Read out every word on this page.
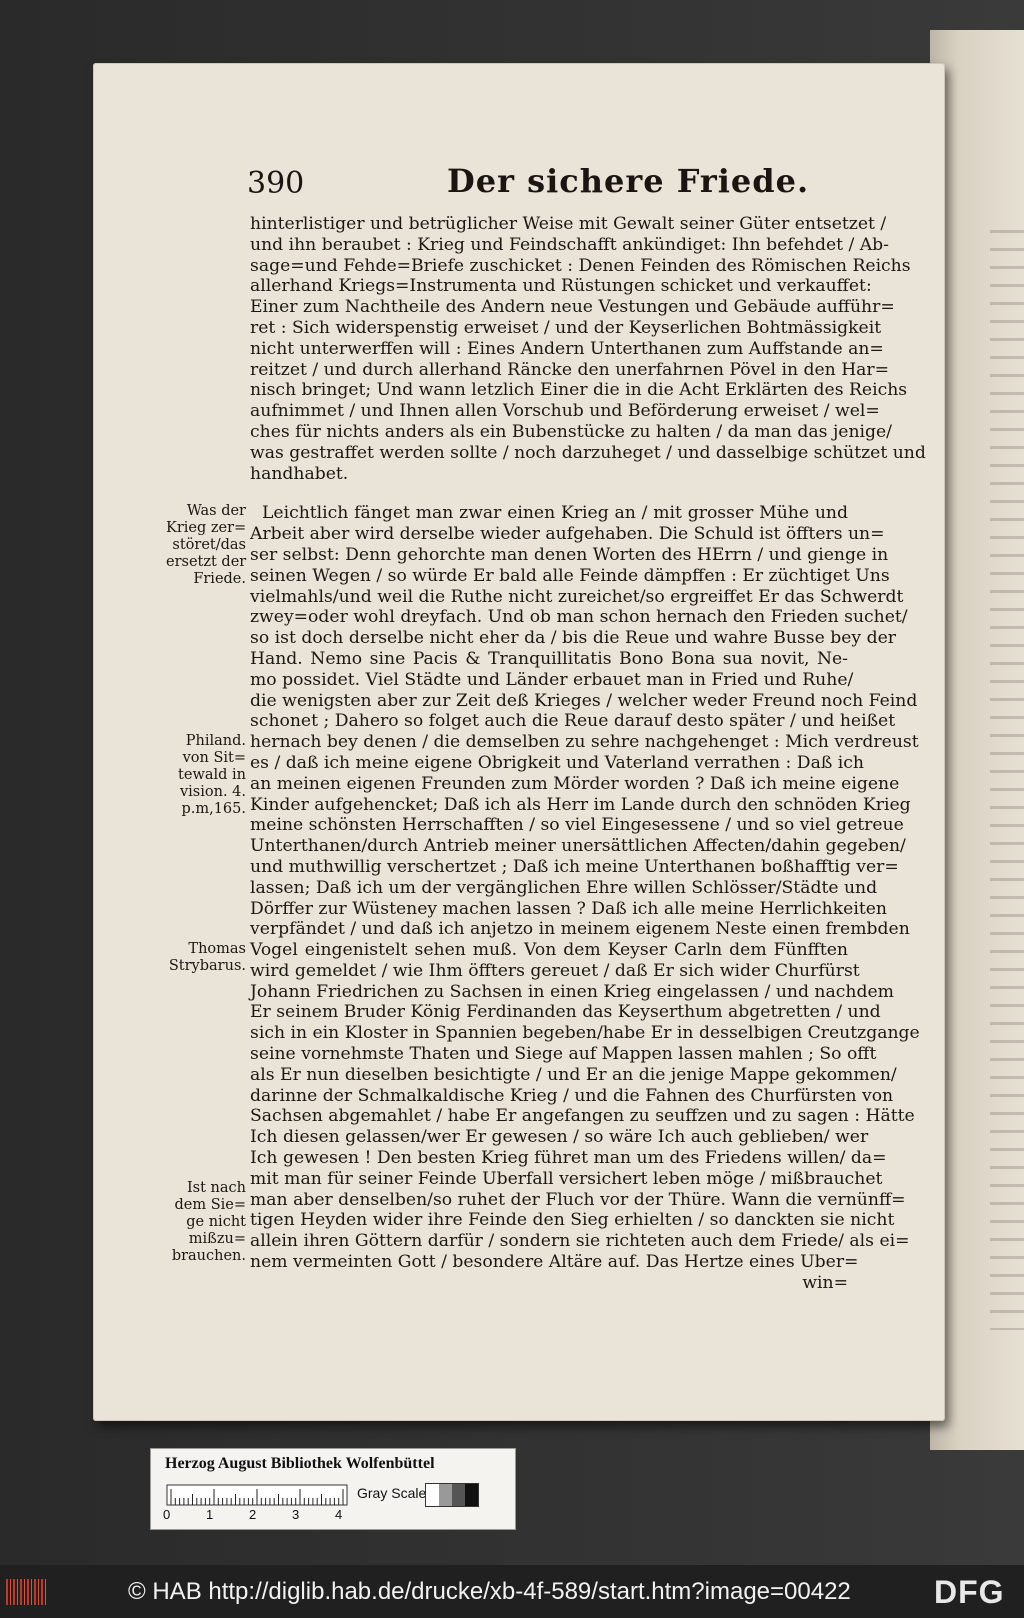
390	Der sichere Friede.
hinterlistiger und betrüglicher Weise mit Gewalt seiner Güter entsetzet /
und ihn beraubet : Krieg und Feindschafft ankündiget: Ihn befehdet / Ab-
sage=und Fehde=Briefe zuschicket : Denen Feinden des Römischen Reichs
allerhand Kriegs=Instrumenta und Rüstungen schicket und verkauffet:
Einer zum Nachtheile des Andern neue Vestungen und Gebäude aufführ=
ret : Sich widerspenstig erweiset / und der Keyserlichen Bohtmässigkeit
nicht unterwerffen will : Eines Andern Unterthanen zum Auffstande an=
reitzet / und durch allerhand Räncke den unerfahrnen Pövel in den Har=
nisch bringet; Und wann letzlich Einer die in die Acht Erklärten des Reichs
aufnimmet / und Ihnen allen Vorschub und Beförderung erweiset / wel=
ches für nichts anders als ein Bubenstücke zu halten / da man das jenige/
was gestraffet werden sollte / noch darzuheget / und dasselbige schützet und
handhabet.
Leichtlich fänget man zwar einen Krieg an / mit grosser Mühe und
Arbeit aber wird derselbe wieder aufgehaben. Die Schuld ist öffters un=
ser selbst: Denn gehorchte man denen Worten des HErrn / und gienge in
seinen Wegen / so würde Er bald alle Feinde dämpffen : Er züchtiget Uns
vielmahls/und weil die Ruthe nicht zureichet/so ergreiffet Er das Schwerdt
zwey=oder wohl dreyfach. Und ob man schon hernach den Frieden suchet/
so ist doch derselbe nicht eher da / bis die Reue und wahre Busse bey der
Hand. Nemo sine Pacis & Tranquillitatis Bono Bona sua novit, Ne-
mo possidet. Viel Städte und Länder erbauet man in Fried und Ruhe/
die wenigsten aber zur Zeit deß Krieges / welcher weder Freund noch Feind
schonet ; Dahero so folget auch die Reue darauf desto später / und heißet
hernach bey denen / die demselben zu sehre nachgehenget : Mich verdreust
es / daß ich meine eigene Obrigkeit und Vaterland verrathen : Daß ich
an meinen eigenen Freunden zum Mörder worden ? Daß ich meine eigene
Kinder aufgehencket; Daß ich als Herr im Lande durch den schnöden Krieg
meine schönsten Herrschafften / so viel Eingesessene / und so viel getreue
Unterthanen/durch Antrieb meiner unersättlichen Affecten/dahin gegeben/
und muthwillig verschertzet ; Daß ich meine Unterthanen boßhafftig ver=
lassen; Daß ich um der vergänglichen Ehre willen Schlösser/Städte und
Dörffer zur Wüsteney machen lassen ? Daß ich alle meine Herrlichkeiten
verpfändet / und daß ich anjetzo in meinem eigenem Neste einen frembden
Vogel eingenistelt sehen muß. Von dem Keyser Carln dem Fünfften
wird gemeldet / wie Ihm öffters gereuet / daß Er sich wider Churfürst
Johann Friedrichen zu Sachsen in einen Krieg eingelassen / und nachdem
Er seinem Bruder König Ferdinanden das Keyserthum abgetretten / und
sich in ein Kloster in Spannien begeben/habe Er in desselbigen Creutzgange
seine vornehmste Thaten und Siege auf Mappen lassen mahlen ; So offt
als Er nun dieselben besichtigte / und Er an die jenige Mappe gekommen/
darinne der Schmalkaldische Krieg / und die Fahnen des Churfürsten von
Sachsen abgemahlet / habe Er angefangen zu seuffzen und zu sagen : Hätte
Ich diesen gelassen/wer Er gewesen / so wäre Ich auch geblieben/ wer
Ich gewesen ! Den besten Krieg führet man um des Friedens willen/ da=
mit man für seiner Feinde Uberfall versichert leben möge / mißbrauchet
man aber denselben/so ruhet der Fluch vor der Thüre. Wann die vernünff=
tigen Heyden wider ihre Feinde den Sieg erhielten / so danckten sie nicht
allein ihren Göttern darfür / sondern sie richteten auch dem Friede/ als ei=
nem vermeinten Gott / besondere Altäre auf. Das Hertze eines Uber=
win=
Was der
Krieg zer=
störet/das
ersetzt der
Friede.
Philand.
von Sit=
tewald in
vision. 4.
p.m,165.
Thomas
Strybarus.
Ist nach
dem Sie=
ge nicht
mißzu=
brauchen.
Herzog August Bibliothek Wolfenbüttel
0	1	2	3	4
Gray Scale
© HAB http://diglib.hab.de/drucke/xb-4f-589/start.htm?image=00422	DFG
